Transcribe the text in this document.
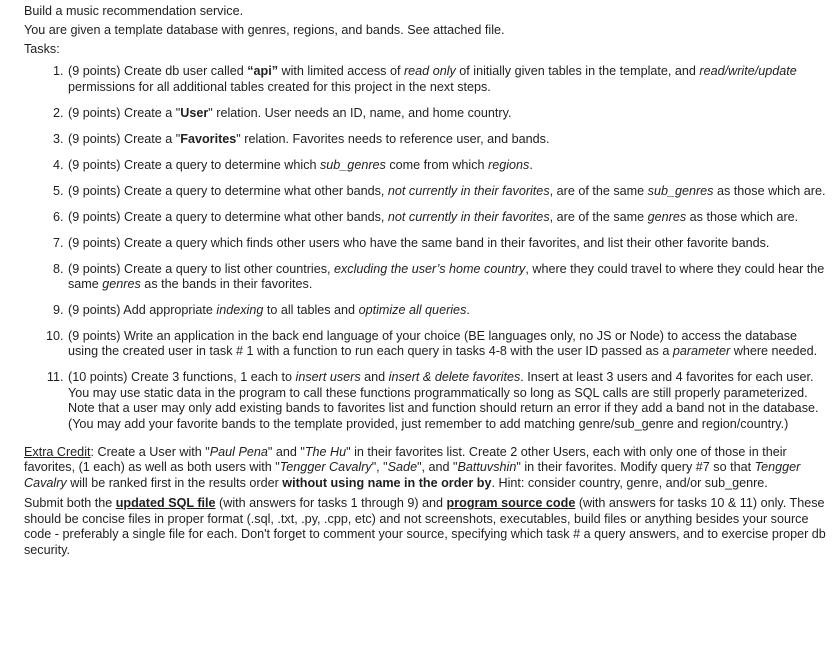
Build a music recommendation service.

You are given a template database with genres, regions, and bands. See attached file.

Tasks:

1. (9 points) Create db user called “api” with limited access of read only of initially given tables in the template, and read/write/update permissions for all additional tables created for this project in the next steps.
2. (9 points) Create a "User" relation. User needs an ID, name, and home country.
3. (9 points) Create a "Favorites" relation. Favorites needs to reference user, and bands.
4. (9 points) Create a query to determine which sub_genres come from which regions.
5. (9 points) Create a query to determine what other bands, not currently in their favorites, are of the same sub_genres as those which are.
6. (9 points) Create a query to determine what other bands, not currently in their favorites, are of the same genres as those which are.
7. (9 points) Create a query which finds other users who have the same band in their favorites, and list their other favorite bands.
8. (9 points) Create a query to list other countries, excluding the user’s home country, where they could travel to where they could hear the same genres as the bands in their favorites.
9. (9 points) Add appropriate indexing to all tables and optimize all queries.
10. (9 points) Write an application in the back end language of your choice (BE languages only, no JS or Node) to access the database using the created user in task # 1 with a function to run each query in tasks 4-8 with the user ID passed as a parameter where needed.
11. (10 points) Create 3 functions, 1 each to insert users and insert & delete favorites. Insert at least 3 users and 4 favorites for each user. You may use static data in the program to call these functions programmatically so long as SQL calls are still properly parameterized. Note that a user may only add existing bands to favorites list and function should return an error if they add a band not in the database. (You may add your favorite bands to the template provided, just remember to add matching genre/sub_genre and region/country.)

Extra Credit: Create a User with "Paul Pena" and "The Hu" in their favorites list. Create 2 other Users, each with only one of those in their favorites, (1 each) as well as both users with "Tengger Cavalry", "Sade", and "Battuvshin" in their favorites. Modify query #7 so that Tengger Cavalry will be ranked first in the results order without using name in the order by. Hint: consider country, genre, and/or sub_genre.

Submit both the updated SQL file (with answers for tasks 1 through 9) and program source code (with answers for tasks 10 & 11) only. These should be concise files in proper format (.sql, .txt, .py, .cpp, etc) and not screenshots, executables, build files or anything besides your source code - preferably a single file for each. Don't forget to comment your source, specifying which task # a query answers, and to exercise proper db security.
